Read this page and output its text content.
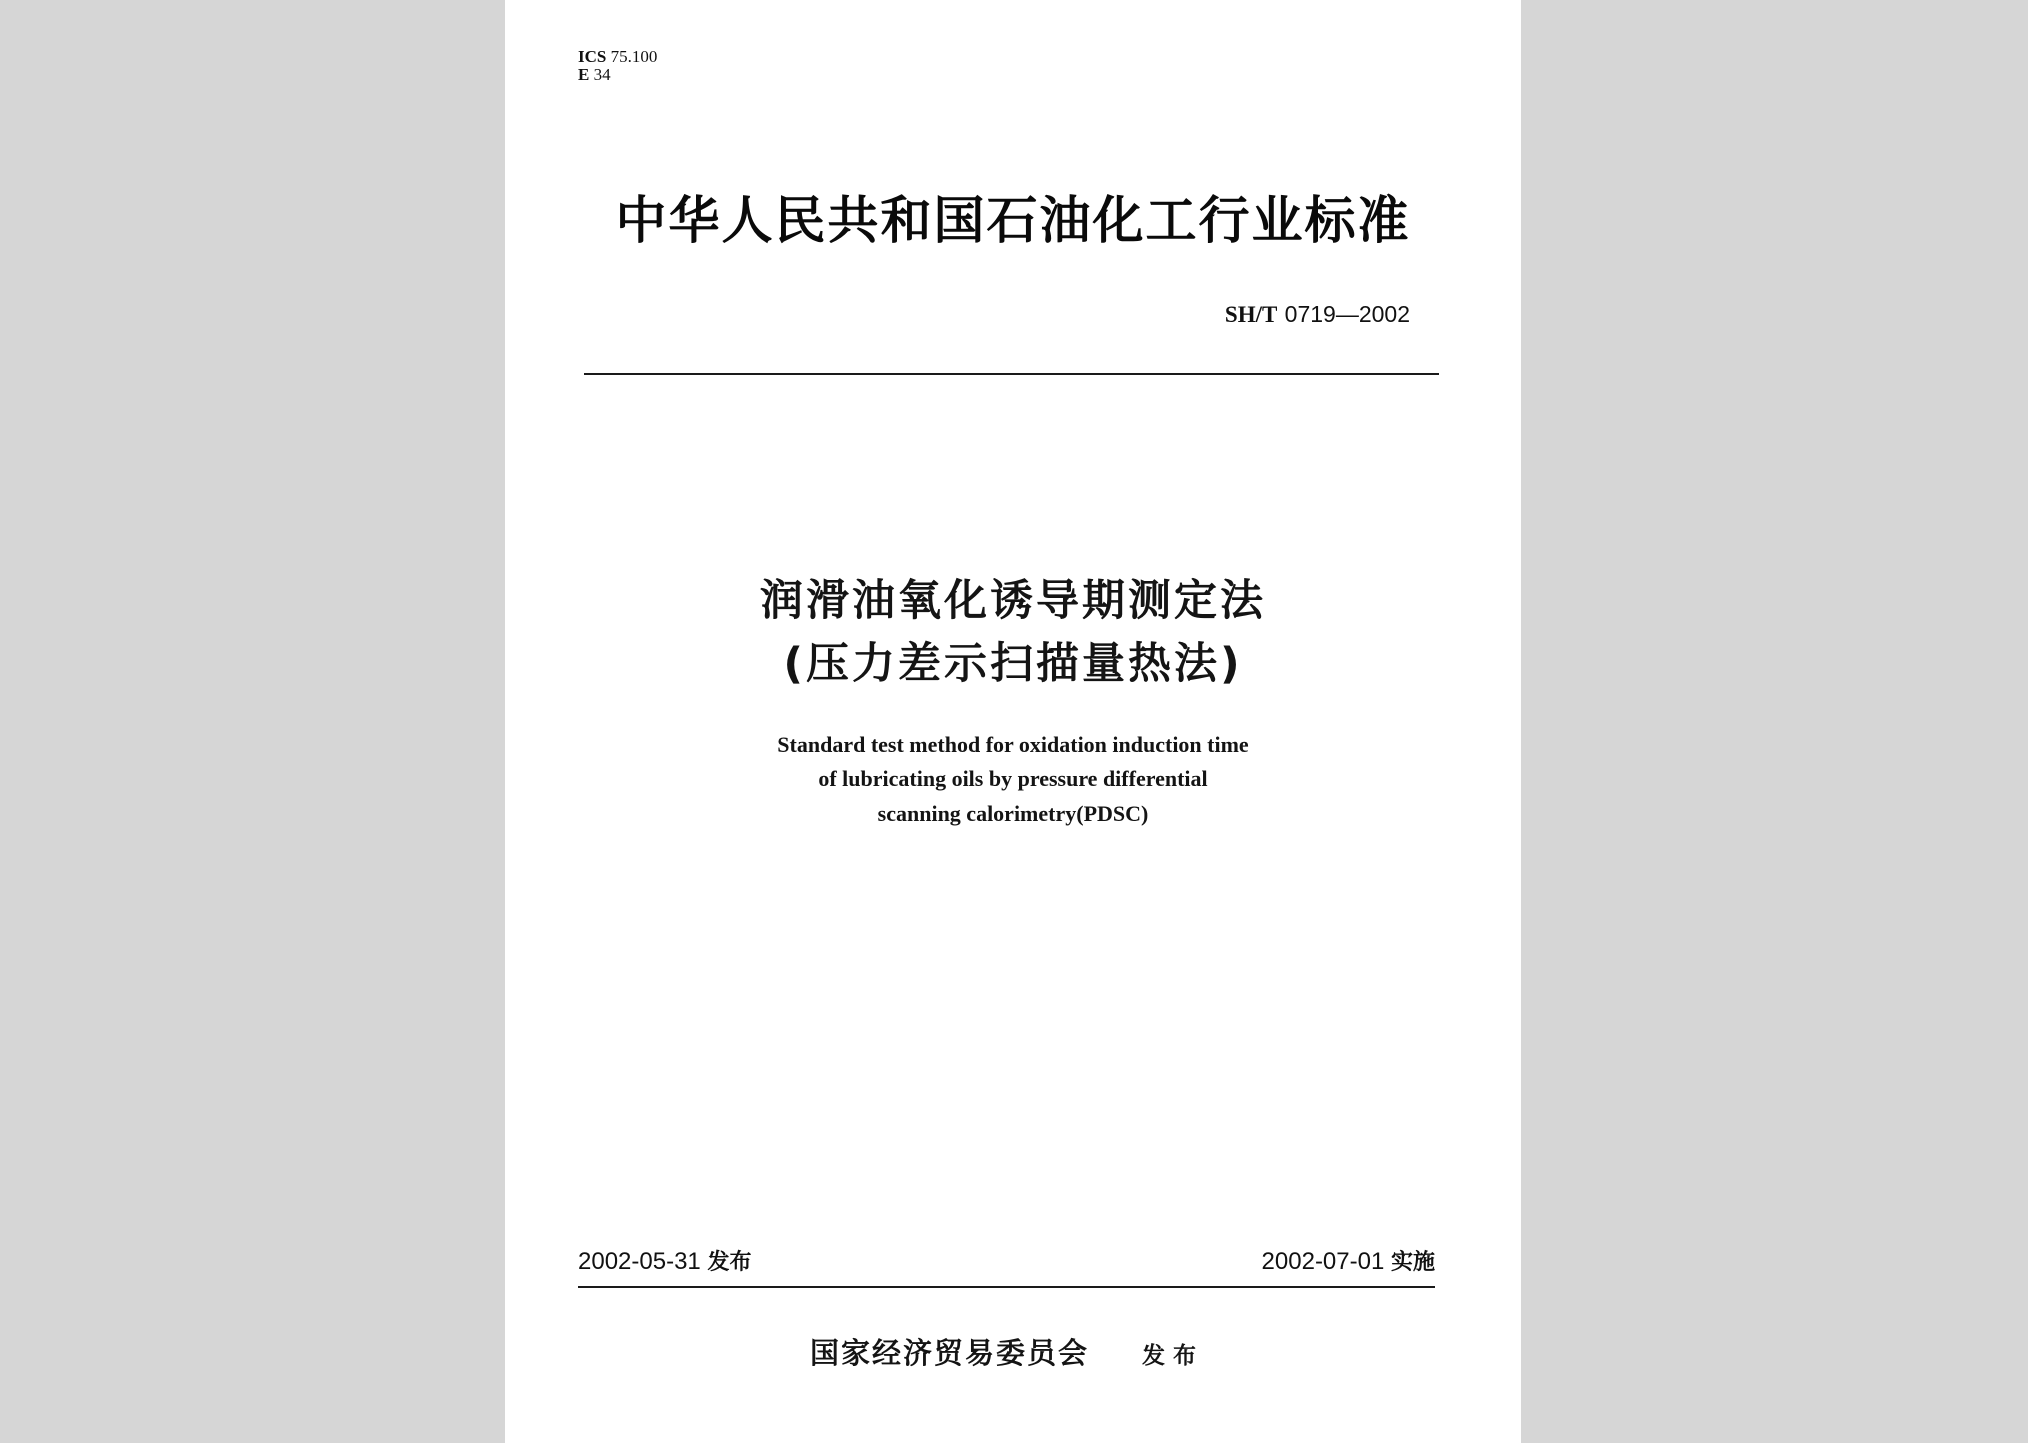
ICS 75.100
E 34
中华人民共和国石油化工行业标准
SH/T 0719—2002
润滑油氧化诱导期测定法
(压力差示扫描量热法)
Standard test method for oxidation induction time
of lubricating oils by pressure differential
scanning calorimetry(PDSC)
2002-05-31 发布	2002-07-01 实施
国家经济贸易委员会 发布
